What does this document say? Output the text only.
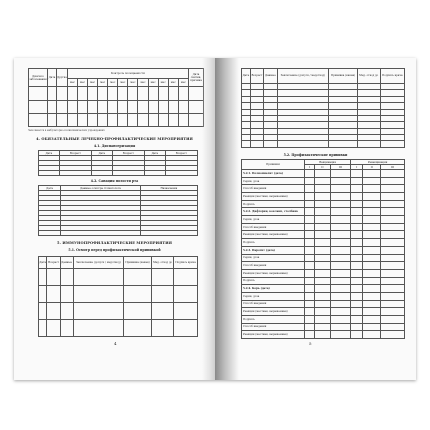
Диагноз заболевания	Дата	Другие	Контроль посещаемости												Дата снятия, причина
			мес	мес	мес	мес	мес	мес	мес	мес	мес	мес	мес	мес	

Заполняется в амбулаторно-поликлинических учреждениях
4. ОБЯЗАТЕЛЬНЫЕ ЛЕЧЕБНО-ПРОФИЛАКТИЧЕСКИЕ МЕРОПРИЯТИЯ
4.1. Диспансеризация
Дата	Возраст	Дата	Возраст	Дата	Возраст

4.2. Санация полости рта
Дата	Данные осмотра стоматолога	Назначения

5. ИММУНОПРОФИЛАКТИЧЕСКИЕ МЕРОПРИЯТИЯ
5.1. Осмотр перед профилактической прививкой
Дата	Возраст	Данные	Заключение (допуск / медотвод)	Прививка (какая)	Мед. отвод до	Подпись врача

4
Дата	Возраст	Данные	Заключение (допуск / медотвод)	Прививка (какая)	Мед. отвод до	Подпись врача

5.2. Профилактические прививки
Прививки	Вакцинация			Ревакцинация		
	I	II	III	I	II	III
5.2.1. Полиомиелит (дата)						
Серия, доза						
Способ введения						
Реакция (местная, выраженная)						
Подпись						
5.2.2. Дифтерия, коклюш, столбняк						
Серия, доза						
Способ введения						
Реакция (местная, выраженная)						
Подпись						
5.2.3. Паротит (дата)						
Серия, доза						
Способ введения						
Реакция (местная, выраженная)						
Подпись						
5.2.4. Корь (дата)						
Серия, доза						
Способ введения						
Реакция (местная, выраженная)						
Подпись						
Способ введения						
Реакция (местная, выраженная)						
5
